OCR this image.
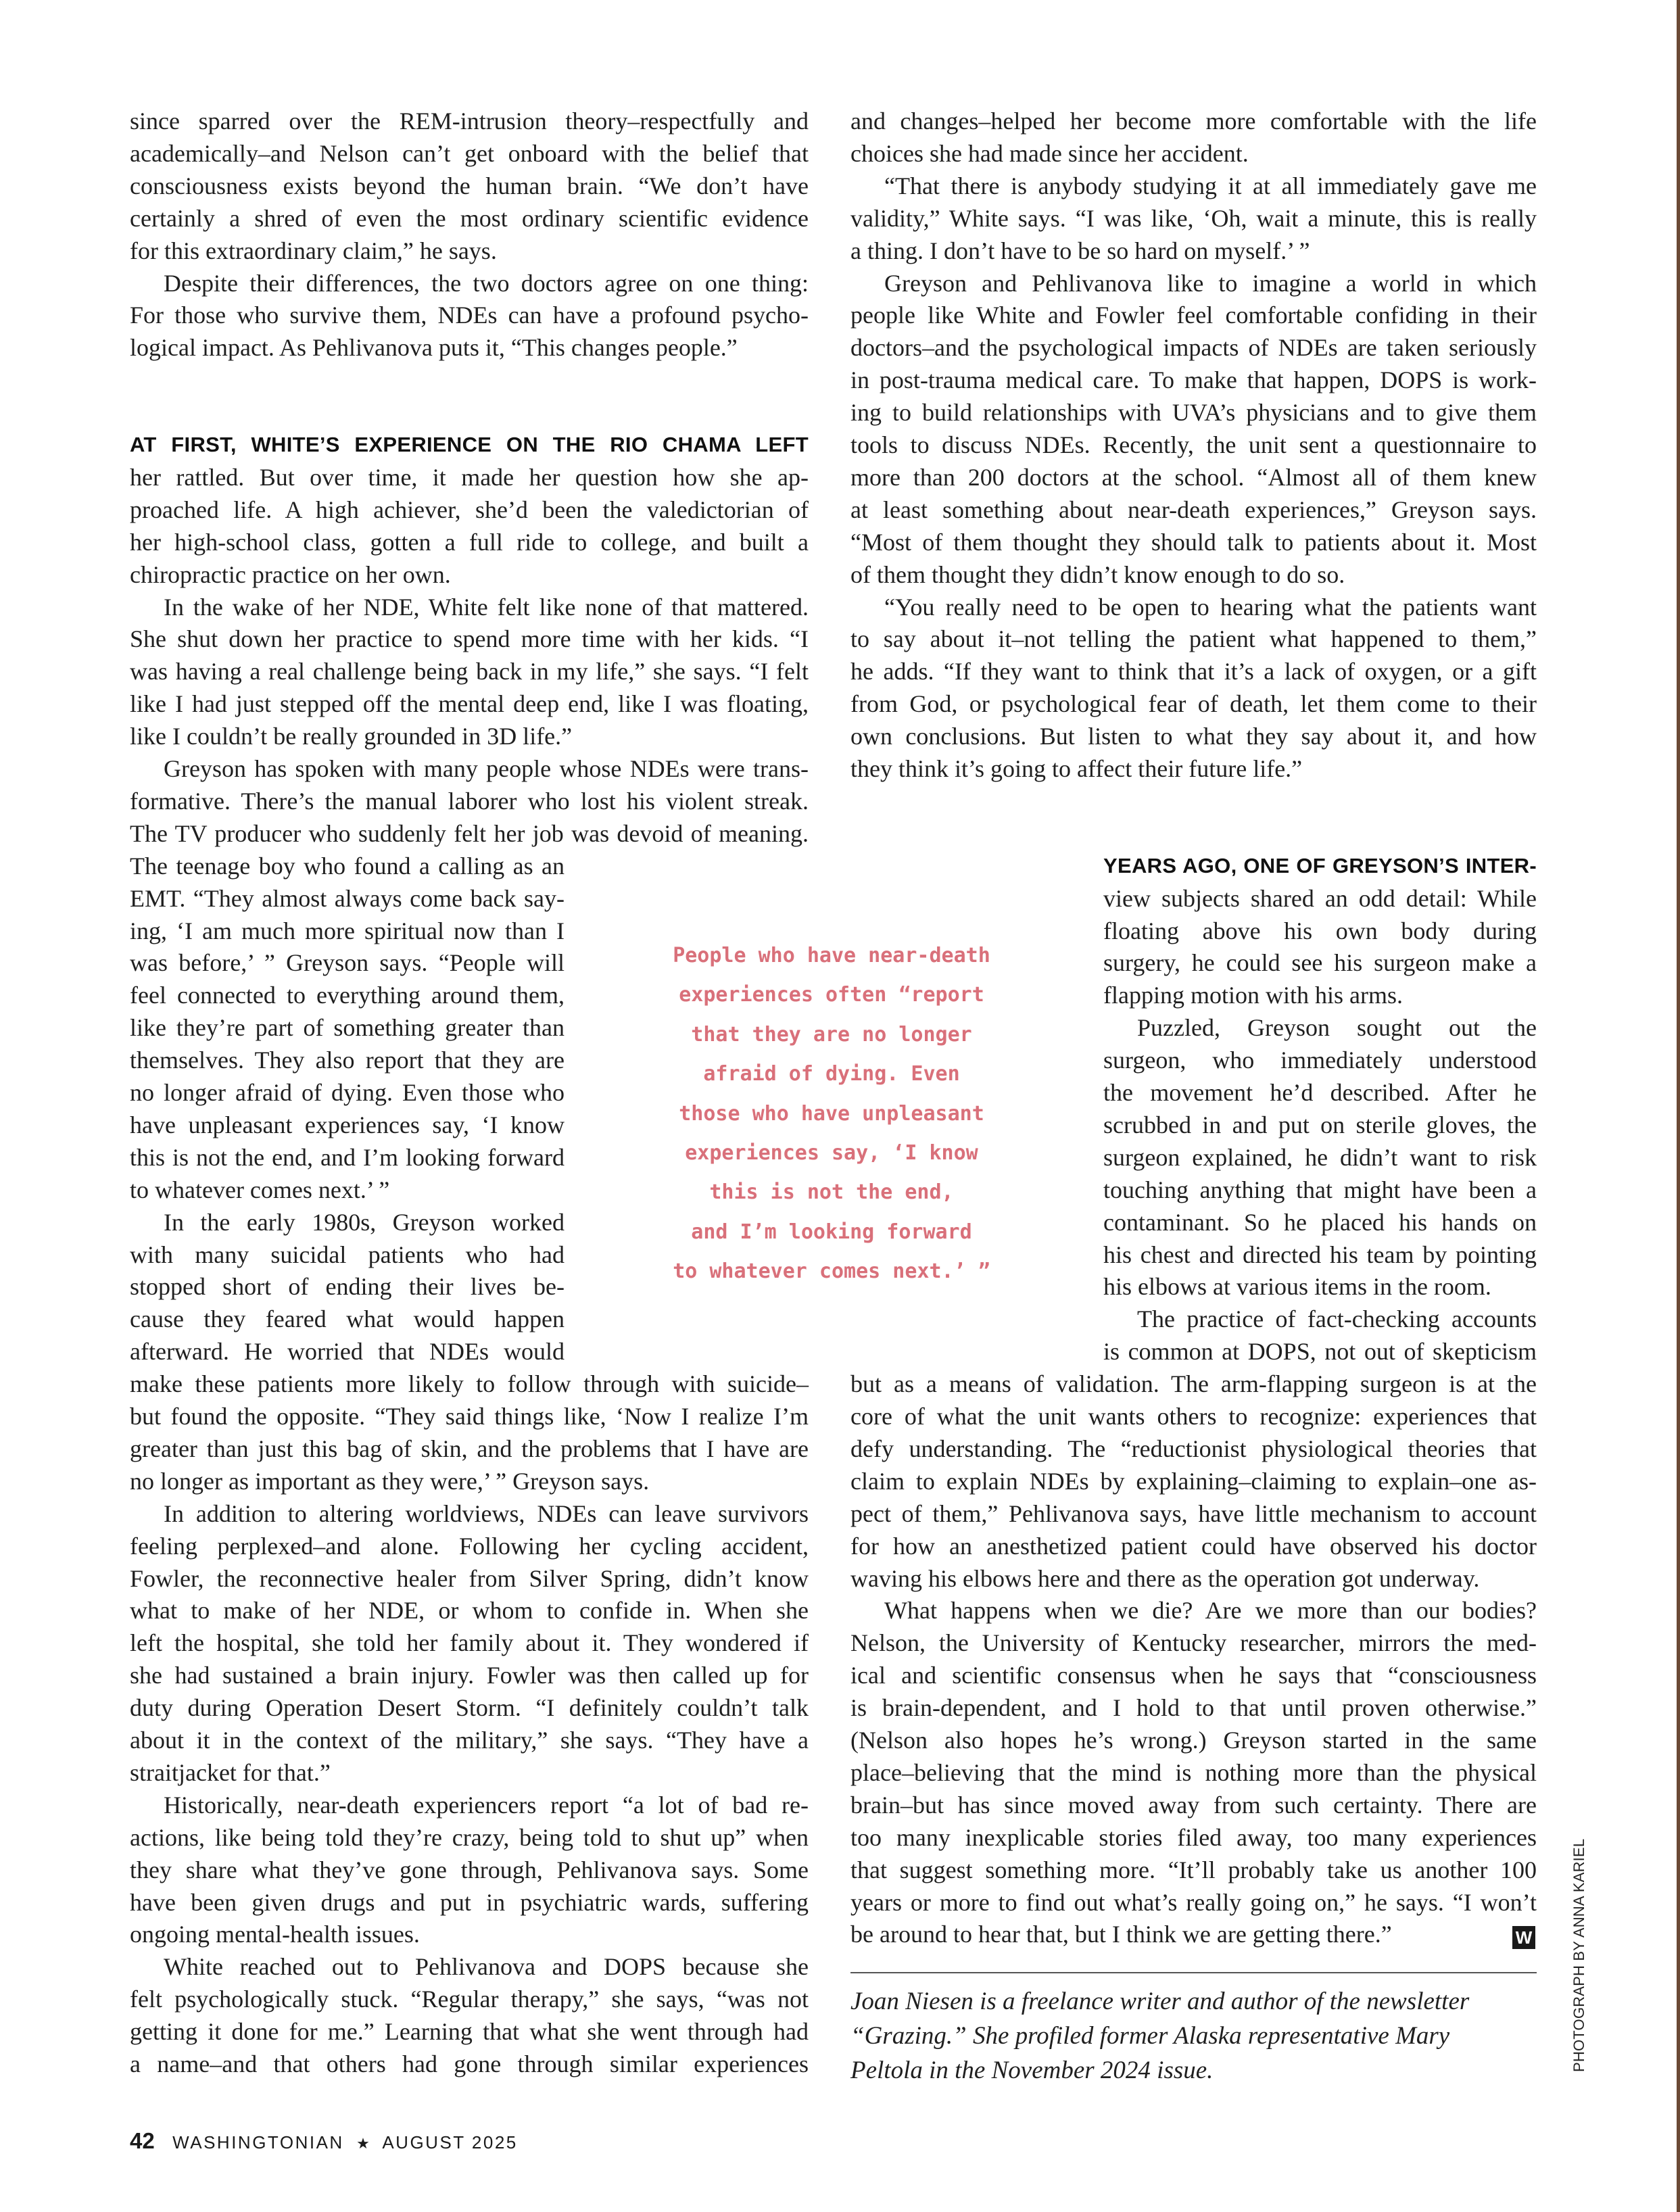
since sparred over the REM-intrusion theory–respectfully and
academically–and Nelson can’t get onboard with the belief that
consciousness exists beyond the human brain. “We don’t have
certainly a shred of even the most ordinary scientific evidence
for this extraordinary claim,” he says.
Despite their differences, the two doctors agree on one thing:
For those who survive them, NDEs can have a profound psycho-
logical impact. As Pehlivanova puts it, “This changes people.”
AT FIRST, WHITE’S EXPERIENCE ON THE RIO CHAMA LEFT
her rattled. But over time, it made her question how she ap-
proached life. A high achiever, she’d been the valedictorian of
her high-school class, gotten a full ride to college, and built a
chiropractic practice on her own.
In the wake of her NDE, White felt like none of that mattered.
She shut down her practice to spend more time with her kids. “I
was having a real challenge being back in my life,” she says. “I felt
like I had just stepped off the mental deep end, like I was floating,
like I couldn’t be really grounded in 3D life.”
Greyson has spoken with many people whose NDEs were trans-
formative. There’s the manual laborer who lost his violent streak.
The TV producer who suddenly felt her job was devoid of meaning.
The teenage boy who found a calling as an
EMT. “They almost always come back say-
ing, ‘I am much more spiritual now than I
was before,’ ” Greyson says. “People will
feel connected to everything around them,
like they’re part of something greater than
themselves. They also report that they are
no longer afraid of dying. Even those who
have unpleasant experiences say, ‘I know
this is not the end, and I’m looking forward
to whatever comes next.’ ”
In the early 1980s, Greyson worked
with many suicidal patients who had
stopped short of ending their lives be-
cause they feared what would happen
afterward. He worried that NDEs would
make these patients more likely to follow through with suicide–
but found the opposite. “They said things like, ‘Now I realize I’m
greater than just this bag of skin, and the problems that I have are
no longer as important as they were,’ ” Greyson says.
In addition to altering worldviews, NDEs can leave survivors
feeling perplexed–and alone. Following her cycling accident,
Fowler, the reconnective healer from Silver Spring, didn’t know
what to make of her NDE, or whom to confide in. When she
left the hospital, she told her family about it. They wondered if
she had sustained a brain injury. Fowler was then called up for
duty during Operation Desert Storm. “I definitely couldn’t talk
about it in the context of the military,” she says. “They have a
straitjacket for that.”
Historically, near-death experiencers report “a lot of bad re-
actions, like being told they’re crazy, being told to shut up” when
they share what they’ve gone through, Pehlivanova says. Some
have been given drugs and put in psychiatric wards, suffering
ongoing mental-health issues.
White reached out to Pehlivanova and DOPS because she
felt psychologically stuck. “Regular therapy,” she says, “was not
getting it done for me.” Learning that what she went through had
a name–and that others had gone through similar experiences
and changes–helped her become more comfortable with the life
choices she had made since her accident.
“That there is anybody studying it at all immediately gave me
validity,” White says. “I was like, ‘Oh, wait a minute, this is really
a thing. I don’t have to be so hard on myself.’ ”
Greyson and Pehlivanova like to imagine a world in which
people like White and Fowler feel comfortable confiding in their
doctors–and the psychological impacts of NDEs are taken seriously
in post-trauma medical care. To make that happen, DOPS is work-
ing to build relationships with UVA’s physicians and to give them
tools to discuss NDEs. Recently, the unit sent a questionnaire to
more than 200 doctors at the school. “Almost all of them knew
at least something about near-death experiences,” Greyson says.
“Most of them thought they should talk to patients about it. Most
of them thought they didn’t know enough to do so.
“You really need to be open to hearing what the patients want
to say about it–not telling the patient what happened to them,”
he adds. “If they want to think that it’s a lack of oxygen, or a gift
from God, or psychological fear of death, let them come to their
own conclusions. But listen to what they say about it, and how
they think it’s going to affect their future life.”
YEARS AGO, ONE OF GREYSON’S INTER-
view subjects shared an odd detail: While
floating above his own body during
surgery, he could see his surgeon make a
flapping motion with his arms.
Puzzled, Greyson sought out the
surgeon, who immediately understood
the movement he’d described. After he
scrubbed in and put on sterile gloves, the
surgeon explained, he didn’t want to risk
touching anything that might have been a
contaminant. So he placed his hands on
his chest and directed his team by pointing
his elbows at various items in the room.
The practice of fact-checking accounts
is common at DOPS, not out of skepticism
but as a means of validation. The arm-flapping surgeon is at the
core of what the unit wants others to recognize: experiences that
defy understanding. The “reductionist physiological theories that
claim to explain NDEs by explaining–claiming to explain–one as-
pect of them,” Pehlivanova says, have little mechanism to account
for how an anesthetized patient could have observed his doctor
waving his elbows here and there as the operation got underway.
What happens when we die? Are we more than our bodies?
Nelson, the University of Kentucky researcher, mirrors the med-
ical and scientific consensus when he says that “consciousness
is brain-dependent, and I hold to that until proven otherwise.”
(Nelson also hopes he’s wrong.) Greyson started in the same
place–believing that the mind is nothing more than the physical
brain–but has since moved away from such certainty. There are
too many inexplicable stories filed away, too many experiences
that suggest something more. “It’ll probably take us another 100
years or more to find out what’s really going on,” he says. “I won’t
be around to hear that, but I think we are getting there.”
People who have near-death
experiences often “report
that they are no longer
afraid of dying. Even
those who have unpleasant
experiences say, ‘I know
this is not the end,
and I’m looking forward
to whatever comes next.’ ”
W
Joan Niesen is a freelance writer and author of the newsletter
“Grazing.” She profiled former Alaska representative Mary
Peltola in the November 2024 issue.	PHOTOGRAPH BY ANNA KARIEL
42 WASHINGTONIAN ★ AUGUST 2025
